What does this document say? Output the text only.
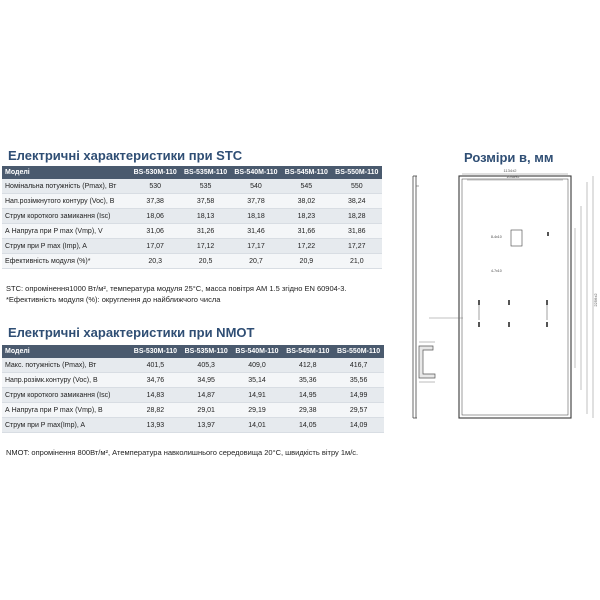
Електричні характеристики при STC
Моделі	BS-530M-110	BS-535M-110	BS-540M-110	BS-545M-110	BS-550M-110
Номінальна потужність (Pmax), Вт	530	535	540	545	550
Нап.розімкнутого контуру (Voc), В	37,38	37,58	37,78	38,02	38,24
Струм короткого замикання (Isc)	18,06	18,13	18,18	18,23	18,28
А Напруга при P max (Vmp), V	31,06	31,26	31,46	31,66	31,86
Струм при P max (Imp), A	17,07	17,12	17,17	17,22	17,27
Ефективність модуля (%)*	20,3	20,5	20,7	20,9	21,0
STC: опромінення1000 Вт/м², температура модуля 25°С, масса повітря AM 1.5 згідно EN 60904-3.
*Ефективність модуля (%): округлення до найближчого числа
Електричні характеристики при NMOT
Моделі	BS-530M-110	BS-535M-110	BS-540M-110	BS-545M-110	BS-550M-110
Макс. потужність (Pmax), Вт	401,5	405,3	409,0	412,8	416,7
Напр.розімк.контуру (Voc), В	34,76	34,95	35,14	35,36	35,56
Струм короткого замикання (Isc)	14,83	14,87	14,91	14,95	14,99
А Напруга при P max (Vmp), В	28,82	29,01	29,19	29,38	29,57
Струм при P max(Imp), A	13,93	13,97	14,01	14,05	14,09
NMOT: опромінення 800Вт/м², Атемпература навколишнього середовища 20°С, швидкість вітру 1м/с.
Розміри в, мм
1134±2
1048±2
2256±2
8-4x10
4-7x10
